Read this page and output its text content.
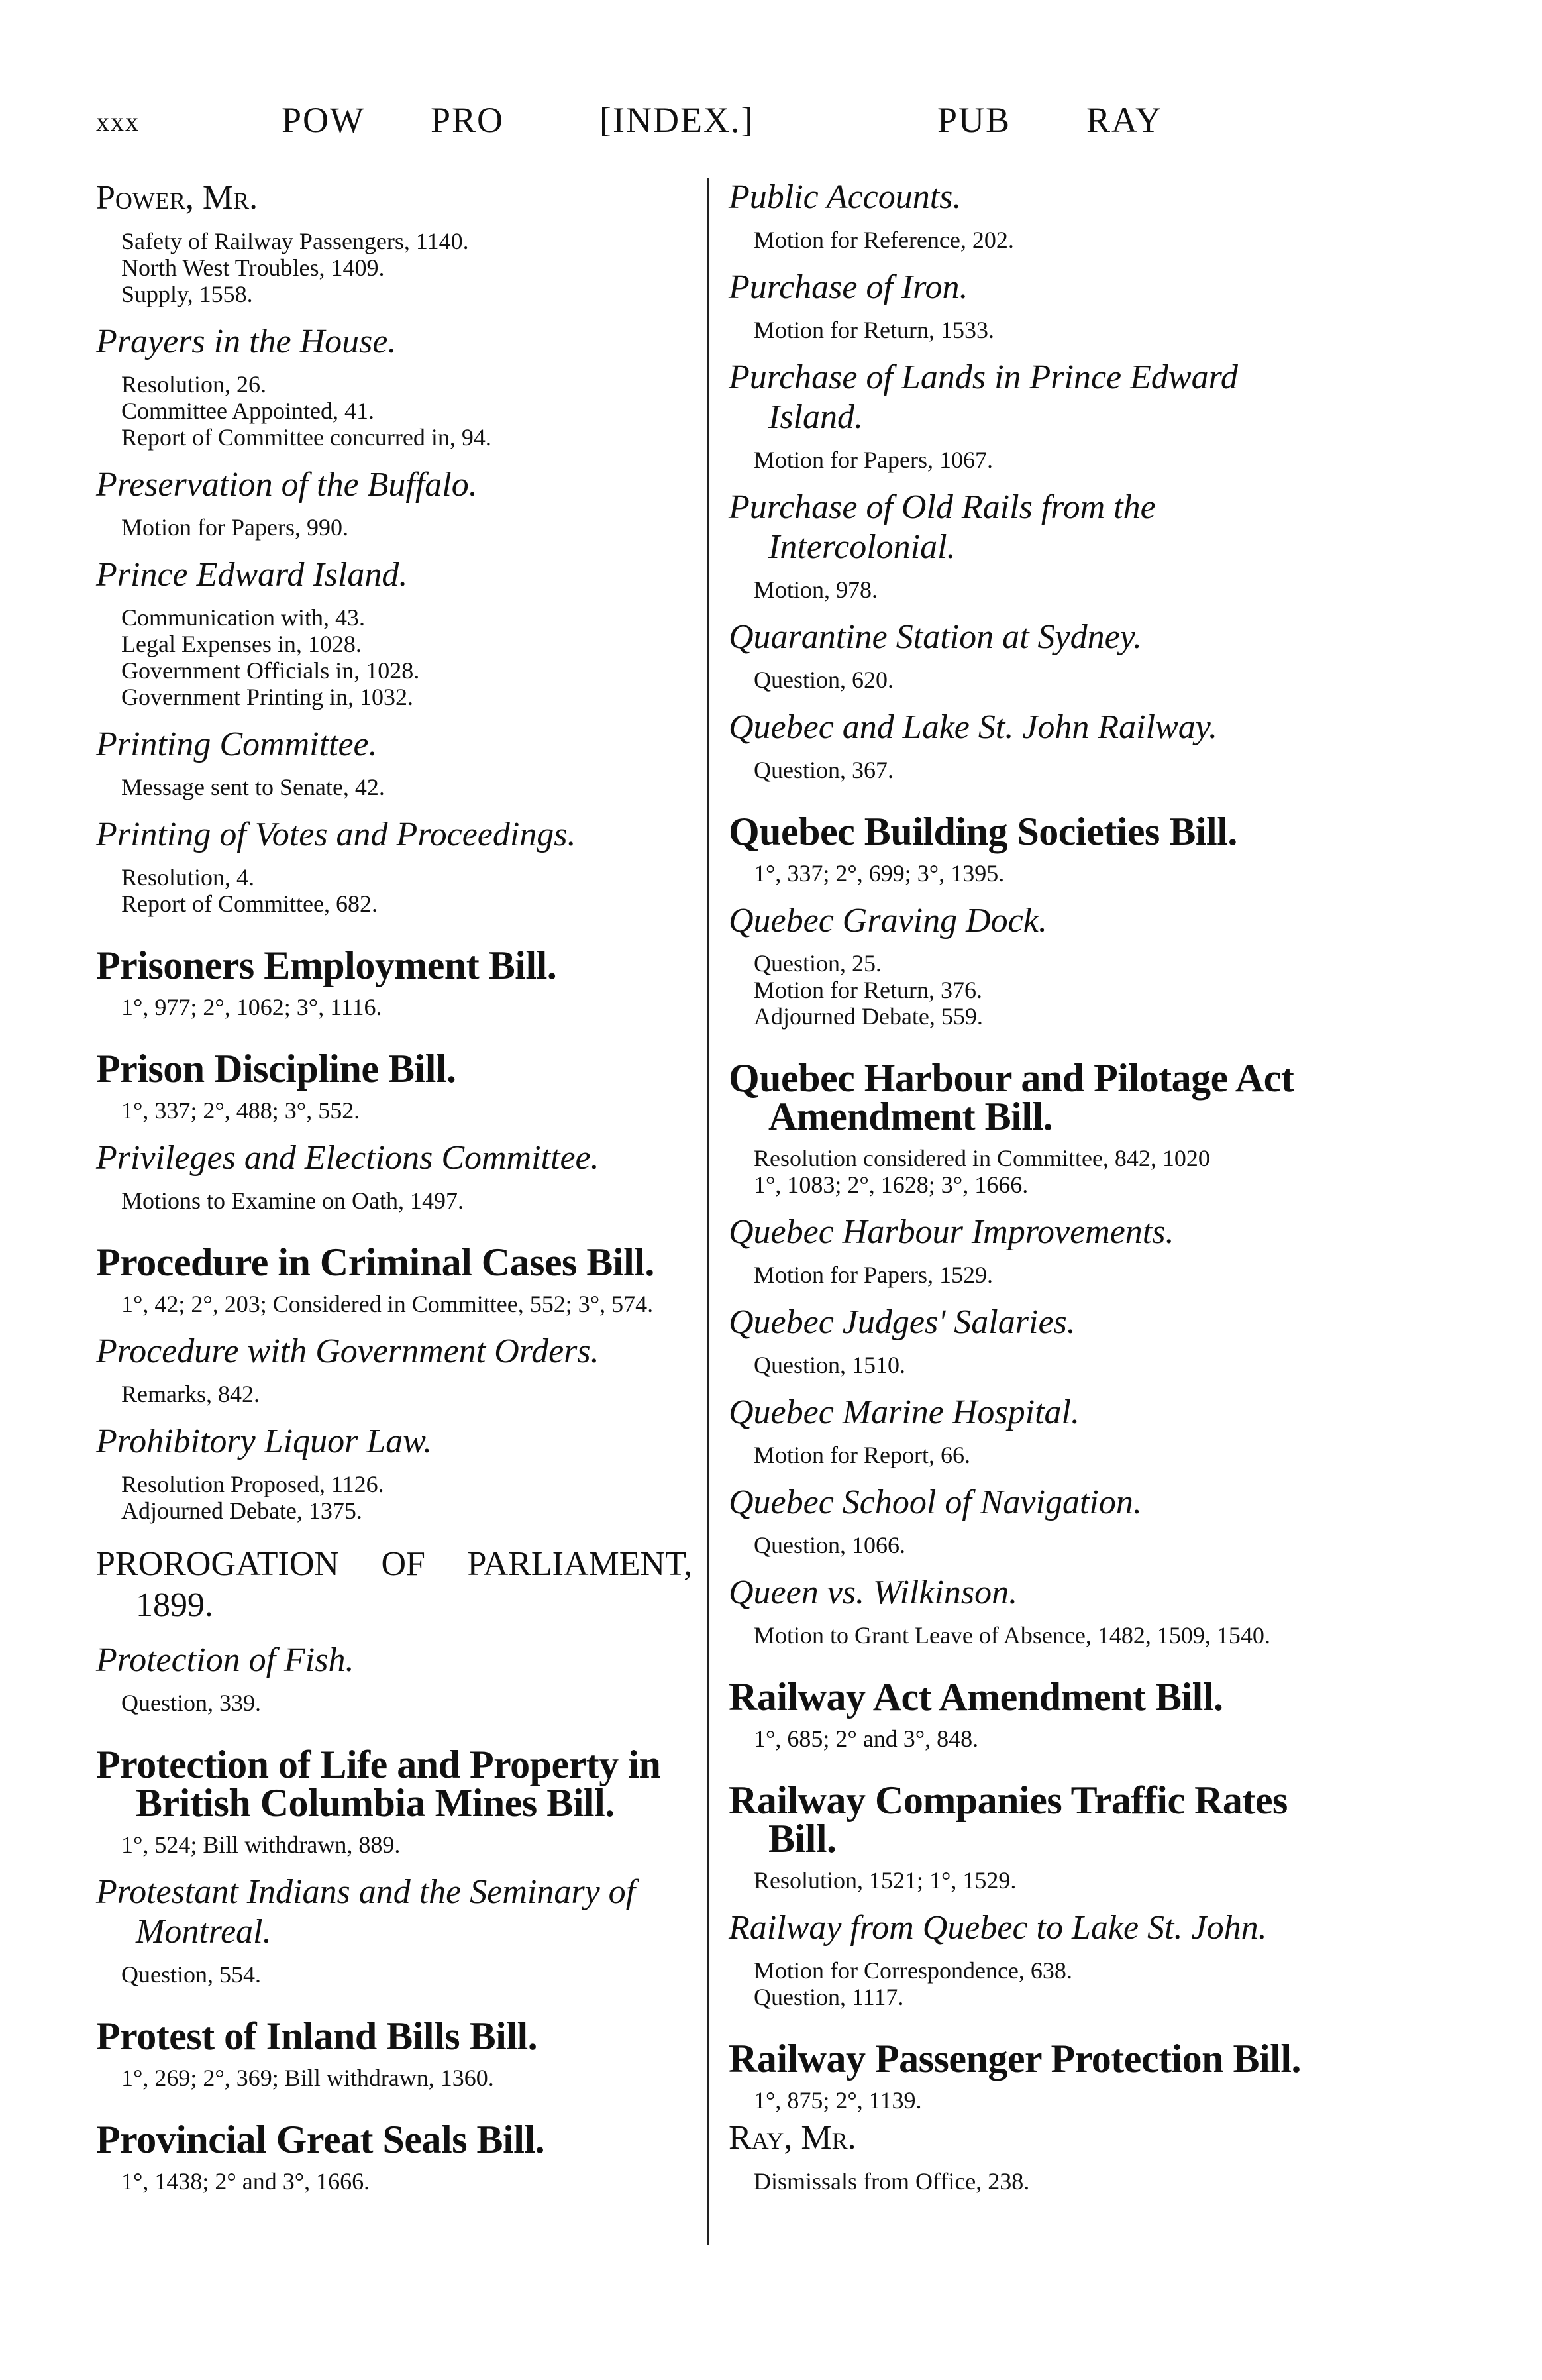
xxx	POW PRO	[INDEX.]	PUB RAY
Power, Mr.
Safety of Railway Passengers, 1140.
North West Troubles, 1409.
Supply, 1558.
Prayers in the House.
Resolution, 26.
Committee Appointed, 41.
Report of Committee concurred in, 94.
Preservation of the Buffalo.
Motion for Papers, 990.
Prince Edward Island.
Communication with, 43.
Legal Expenses in, 1028.
Government Officials in, 1028.
Government Printing in, 1032.
Printing Committee.
Message sent to Senate, 42.
Printing of Votes and Proceedings.
Resolution, 4.
Report of Committee, 682.
Prisoners Employment Bill.
1°, 977; 2°, 1062; 3°, 1116.
Prison Discipline Bill.
1°, 337; 2°, 488; 3°, 552.
Privileges and Elections Committee.
Motions to Examine on Oath, 1497.
Procedure in Criminal Cases Bill.
1°, 42; 2°, 203; Considered in Committee, 552; 3°, 574.
Procedure with Government Orders.
Remarks, 842.
Prohibitory Liquor Law.
Resolution Proposed, 1126.
Adjourned Debate, 1375.
PROROGATION OF PARLIAMENT, 1899.
Protection of Fish.
Question, 339.
Protection of Life and Property in British Columbia Mines Bill.
1°, 524; Bill withdrawn, 889.
Protestant Indians and the Seminary of Montreal.
Question, 554.
Protest of Inland Bills Bill.
1°, 269; 2°, 369; Bill withdrawn, 1360.
Provincial Great Seals Bill.
1°, 1438; 2° and 3°, 1666.
Public Accounts.
Motion for Reference, 202.
Purchase of Iron.
Motion for Return, 1533.
Purchase of Lands in Prince Edward Island.
Motion for Papers, 1067.
Purchase of Old Rails from the Intercolonial.
Motion, 978.
Quarantine Station at Sydney.
Question, 620.
Quebec and Lake St. John Railway.
Question, 367.
Quebec Building Societies Bill.
1°, 337; 2°, 699; 3°, 1395.
Quebec Graving Dock.
Question, 25.
Motion for Return, 376.
Adjourned Debate, 559.
Quebec Harbour and Pilotage Act Amendment Bill.
Resolution considered in Committee, 842, 1020
1°, 1083; 2°, 1628; 3°, 1666.
Quebec Harbour Improvements.
Motion for Papers, 1529.
Quebec Judges' Salaries.
Question, 1510.
Quebec Marine Hospital.
Motion for Report, 66.
Quebec School of Navigation.
Question, 1066.
Queen vs. Wilkinson.
Motion to Grant Leave of Absence, 1482, 1509, 1540.
Railway Act Amendment Bill.
1°, 685; 2° and 3°, 848.
Railway Companies Traffic Rates Bill.
Resolution, 1521; 1°, 1529.
Railway from Quebec to Lake St. John.
Motion for Correspondence, 638.
Question, 1117.
Railway Passenger Protection Bill.
1°, 875; 2°, 1139.
Ray, Mr.
Dismissals from Office, 238.
